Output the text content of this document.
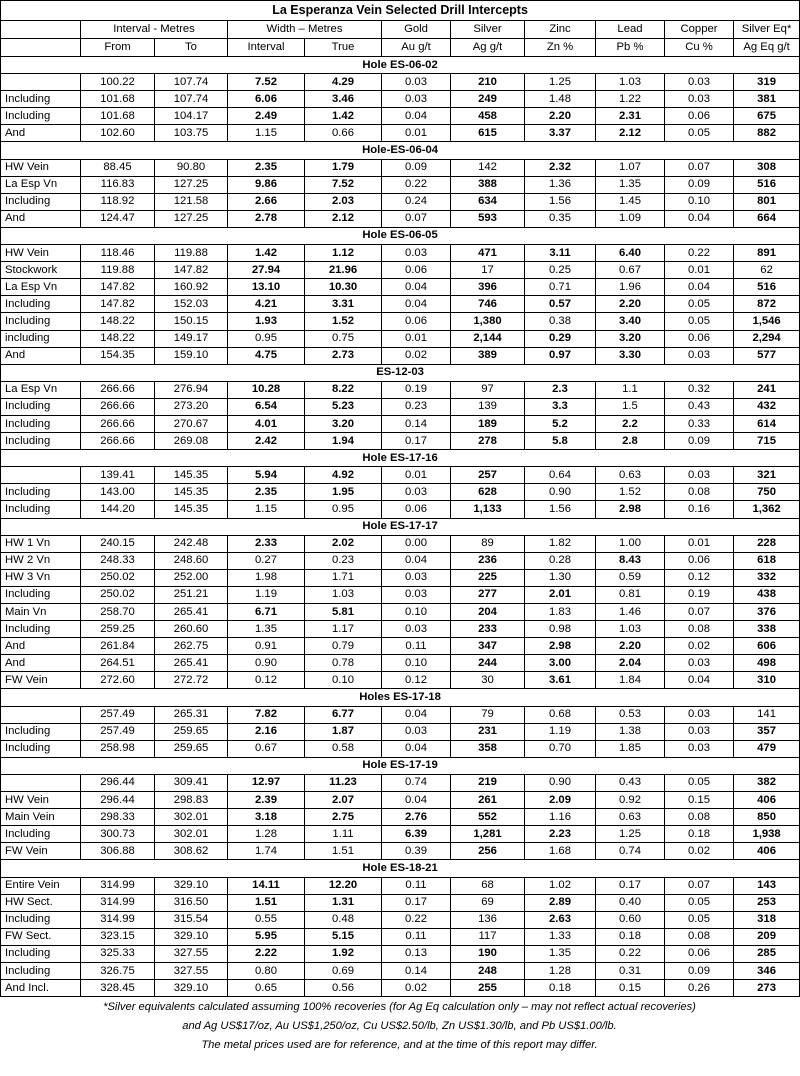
La Esperanza Vein Selected Drill Intercepts										
	Interval - Metres		Width – Metres		Gold	Silver	Zinc	Lead	Copper	Silver Eq*
	From	To	Interval	True	Au g/t	Ag g/t	Zn %	Pb %	Cu %	Ag Eq g/t
Hole ES-06-02										
	100.22	107.74	7.52	4.29	0.03	210	1.25	1.03	0.03	319
Including	101.68	107.74	6.06	3.46	0.03	249	1.48	1.22	0.03	381
Including	101.68	104.17	2.49	1.42	0.04	458	2.20	2.31	0.06	675
And	102.60	103.75	1.15	0.66	0.01	615	3.37	2.12	0.05	882
Hole-ES-06-04										
HW Vein	88.45	90.80	2.35	1.79	0.09	142	2.32	1.07	0.07	308
La Esp Vn	116.83	127.25	9.86	7.52	0.22	388	1.36	1.35	0.09	516
Including	118.92	121.58	2.66	2.03	0.24	634	1.56	1.45	0.10	801
And	124.47	127.25	2.78	2.12	0.07	593	0.35	1.09	0.04	664
Hole ES-06-05										
HW Vein	118.46	119.88	1.42	1.12	0.03	471	3.11	6.40	0.22	891
Stockwork	119.88	147.82	27.94	21.96	0.06	17	0.25	0.67	0.01	62
La Esp Vn	147.82	160.92	13.10	10.30	0.04	396	0.71	1.96	0.04	516
Including	147.82	152.03	4.21	3.31	0.04	746	0.57	2.20	0.05	872
Including	148.22	150.15	1.93	1.52	0.06	1,380	0.38	3.40	0.05	1,546
including	148.22	149.17	0.95	0.75	0.01	2,144	0.29	3.20	0.06	2,294
And	154.35	159.10	4.75	2.73	0.02	389	0.97	3.30	0.03	577
ES-12-03										
La Esp Vn	266.66	276.94	10.28	8.22	0.19	97	2.3	1.1	0.32	241
Including	266.66	273.20	6.54	5.23	0.23	139	3.3	1.5	0.43	432
Including	266.66	270.67	4.01	3.20	0.14	189	5.2	2.2	0.33	614
Including	266.66	269.08	2.42	1.94	0.17	278	5.8	2.8	0.09	715
Hole ES-17-16										
	139.41	145.35	5.94	4.92	0.01	257	0.64	0.63	0.03	321
Including	143.00	145.35	2.35	1.95	0.03	628	0.90	1.52	0.08	750
Including	144.20	145.35	1.15	0.95	0.06	1,133	1.56	2.98	0.16	1,362
Hole ES-17-17										
HW 1 Vn	240.15	242.48	2.33	2.02	0.00	89	1.82	1.00	0.01	228
HW 2 Vn	248.33	248.60	0.27	0.23	0.04	236	0.28	8.43	0.06	618
HW 3 Vn	250.02	252.00	1.98	1.71	0.03	225	1.30	0.59	0.12	332
Including	250.02	251.21	1.19	1.03	0.03	277	2.01	0.81	0.19	438
Main Vn	258.70	265.41	6.71	5.81	0.10	204	1.83	1.46	0.07	376
Including	259.25	260.60	1.35	1.17	0.03	233	0.98	1.03	0.08	338
And	261.84	262.75	0.91	0.79	0.11	347	2.98	2.20	0.02	606
And	264.51	265.41	0.90	0.78	0.10	244	3.00	2.04	0.03	498
FW Vein	272.60	272.72	0.12	0.10	0.12	30	3.61	1.84	0.04	310
Holes ES-17-18										
	257.49	265.31	7.82	6.77	0.04	79	0.68	0.53	0.03	141
Including	257.49	259.65	2.16	1.87	0.03	231	1.19	1.38	0.03	357
Including	258.98	259.65	0.67	0.58	0.04	358	0.70	1.85	0.03	479
Hole ES-17-19										
	296.44	309.41	12.97	11.23	0.74	219	0.90	0.43	0.05	382
HW Vein	296.44	298.83	2.39	2.07	0.04	261	2.09	0.92	0.15	406
Main Vein	298.33	302.01	3.18	2.75	2.76	552	1.16	0.63	0.08	850
Including	300.73	302.01	1.28	1.11	6.39	1,281	2.23	1.25	0.18	1,938
FW Vein	306.88	308.62	1.74	1.51	0.39	256	1.68	0.74	0.02	406
Hole ES-18-21										
Entire Vein	314.99	329.10	14.11	12.20	0.11	68	1.02	0.17	0.07	143
HW Sect.	314.99	316.50	1.51	1.31	0.17	69	2.89	0.40	0.05	253
Including	314.99	315.54	0.55	0.48	0.22	136	2.63	0.60	0.05	318
FW Sect.	323.15	329.10	5.95	5.15	0.11	117	1.33	0.18	0.08	209
Including	325.33	327.55	2.22	1.92	0.13	190	1.35	0.22	0.06	285
Including	326.75	327.55	0.80	0.69	0.14	248	1.28	0.31	0.09	346
And Incl.	328.45	329.10	0.65	0.56	0.02	255	0.18	0.15	0.26	273
*Silver equivalents calculated assuming 100% recoveries (for Ag Eq calculation only – may not reflect actual recoveries)
and Ag US$17/oz, Au US$1,250/oz, Cu US$2.50/lb, Zn US$1.30/lb, and Pb US$1.00/lb.
The metal prices used are for reference, and at the time of this report may differ.
